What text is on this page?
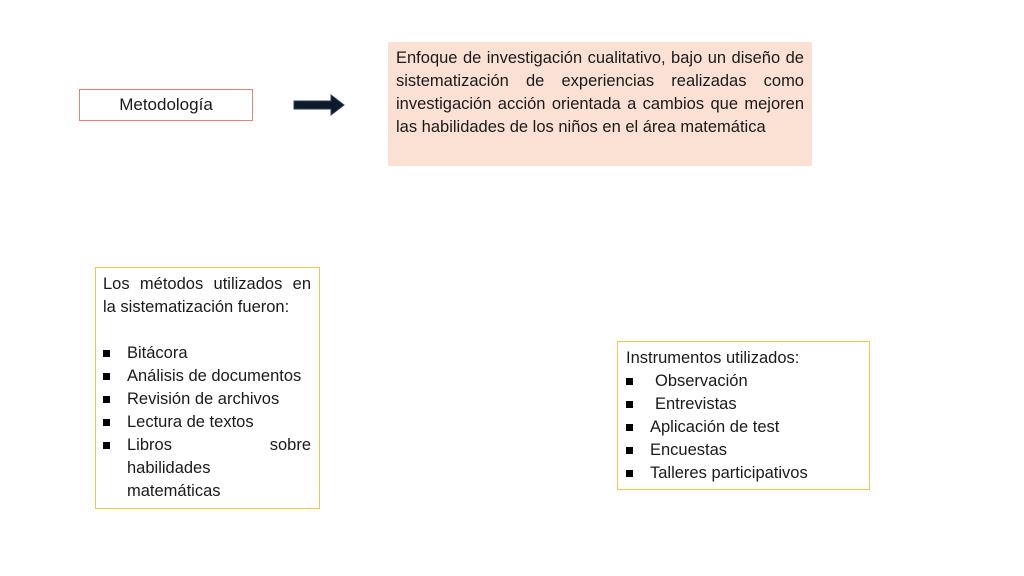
Metodología
Enfoque de investigación cualitativo, bajo un diseño de sistematización de experiencias realizadas como investigación acción orientada a cambios que mejoren las habilidades de los niños en el área matemática
Los métodos utilizados en la sistematización fueron:
Bitácora
Análisis de documentos
Revisión de archivos
Lectura de textos
Libros	sobre
habilidades
matemáticas
Instrumentos utilizados:
Observación
Entrevistas
Aplicación de test
Encuestas
Talleres participativos
